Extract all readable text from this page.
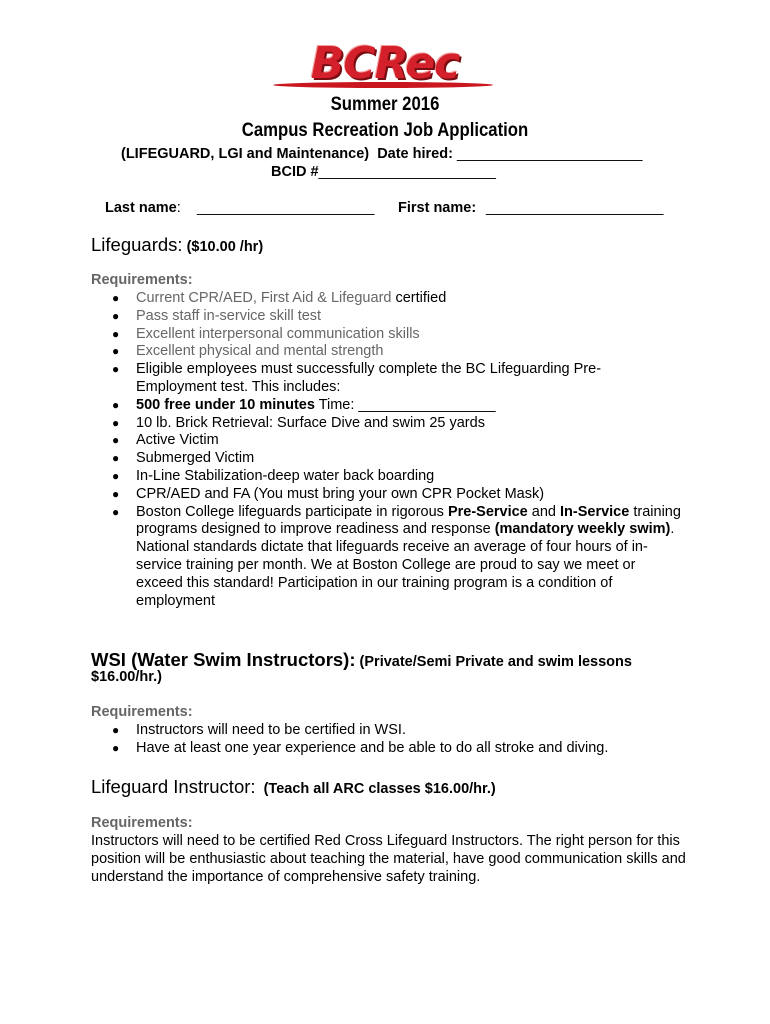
BCRec
Summer 2016
Campus Recreation Job Application
(LIFEGUARD, LGI and Maintenance) Date hired: _______________________
BCID #______________________
Last name: ______________________ First name: ______________________
Lifeguards: ($10.00 /hr)
Requirements:
● Current CPR/AED, First Aid & Lifeguard certified
● Pass staff in-service skill test
● Excellent interpersonal communication skills
● Excellent physical and mental strength
● Eligible employees must successfully complete the BC Lifeguarding Pre-Employment test. This includes:
● 500 free under 10 minutes Time: _________________
● 10 lb. Brick Retrieval: Surface Dive and swim 25 yards
● Active Victim
● Submerged Victim
● In-Line Stabilization-deep water back boarding
● CPR/AED and FA (You must bring your own CPR Pocket Mask)
● Boston College lifeguards participate in rigorous Pre-Service and In-Service training programs designed to improve readiness and response (mandatory weekly swim). National standards dictate that lifeguards receive an average of four hours of in-service training per month. We at Boston College are proud to say we meet or exceed this standard! Participation in our training program is a condition of employment
WSI (Water Swim Instructors): (Private/Semi Private and swim lessons
$16.00/hr.)
Requirements:
● Instructors will need to be certified in WSI.
● Have at least one year experience and be able to do all stroke and diving.
Lifeguard Instructor: (Teach all ARC classes $16.00/hr.)
Requirements:
Instructors will need to be certified Red Cross Lifeguard Instructors. The right person for this position will be enthusiastic about teaching the material, have good communication skills and understand the importance of comprehensive safety training.
